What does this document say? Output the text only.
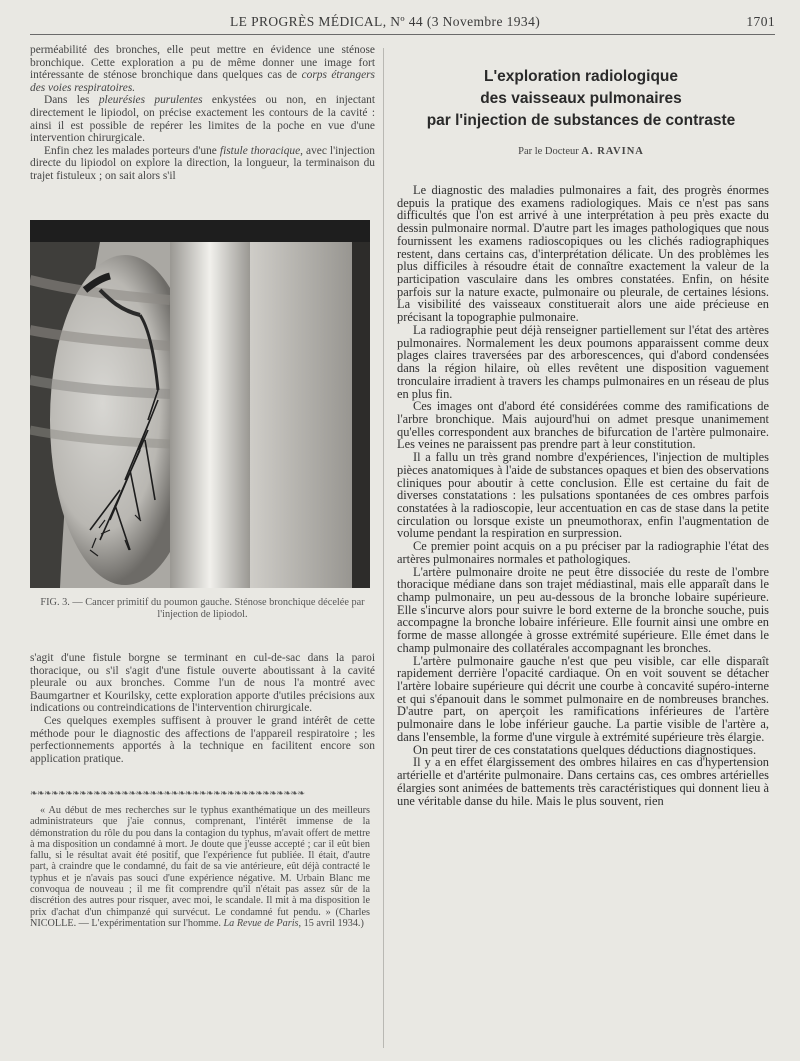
LE PROGRÈS MÉDICAL, Nº 44 (3 Novembre 1934)	1701

perméabilité des bronches, elle peut mettre en évidence une sténose bronchique. Cette exploration a pu de même donner une image fort intéressante de sténose bronchique dans quelques cas de corps étrangers des voies respiratoires.

Dans les pleurésies purulentes enkystées ou non, en injectant directement le lipiodol, on précise exactement les contours de la cavité : ainsi il est possible de repérer les limites de la poche en vue d'une intervention chirurgicale.

Enfin chez les malades porteurs d'une fistule thoracique, avec l'injection directe du lipiodol on explore la direction, la longueur, la terminaison du trajet fistuleux ; on sait alors s'il

FIG. 3. — Cancer primitif du poumon gauche. Sténose bronchique décelée par l'injection de lipiodol.

s'agit d'une fistule borgne se terminant en cul-de-sac dans la paroi thoracique, ou s'il s'agit d'une fistule ouverte aboutissant à la cavité pleurale ou aux bronches. Comme l'un de nous l'a montré avec Baumgartner et Kourilsky, cette exploration apporte d'utiles précisions aux indications ou contreindications de l'intervention chirurgicale.

Ces quelques exemples suffisent à prouver le grand intérêt de cette méthode pour le diagnostic des affections de l'appareil respiratoire ; les perfectionnements apportés à la technique en facilitent encore son application pratique.

❧❧❧❧❧❧❧❧❧❧❧❧❧❧❧❧❧❧❧❧❧❧❧❧❧❧❧❧❧❧❧❧❧❧❧❧❧❧❧

« Au début de mes recherches sur le typhus exanthématique un des meilleurs administrateurs que j'aie connus, comprenant, l'intérêt immense de la démonstration du rôle du pou dans la contagion du typhus, m'avait offert de mettre à ma disposition un condamné à mort. Je doute que j'eusse accepté ; car il eût bien fallu, si le résultat avait été positif, que l'expérience fut publiée. Il était, d'autre part, à craindre que le condamné, du fait de sa vie antérieure, eût déjà contracté le typhus et je n'avais pas souci d'une expérience négative. M. Urbain Blanc me convoqua de nouveau ; il me fit comprendre qu'il n'était pas assez sûr de la discrétion des autres pour risquer, avec moi, le scandale. Il mit à ma disposition le prix d'achat d'un chimpanzé qui survécut. Le condamné fut pendu. » (Charles NICOLLE. — L'expérimentation sur l'homme. La Revue de Paris, 15 avril 1934.)

L'exploration radiologique
des vaisseaux pulmonaires
par l'injection de substances de contraste
Par le Docteur A. RAVINA

Le diagnostic des maladies pulmonaires a fait, des progrès énormes depuis la pratique des examens radiologiques. Mais ce n'est pas sans difficultés que l'on est arrivé à une interprétation à peu près exacte du dessin pulmonaire normal. D'autre part les images pathologiques que nous fournissent les examens radioscopiques ou les clichés radiographiques restent, dans certains cas, d'interprétation délicate. Un des problèmes les plus difficiles à résoudre était de connaître exactement la valeur de la participation vasculaire dans les ombres constatées. Enfin, on hésite parfois sur la nature exacte, pulmonaire ou pleurale, de certaines lésions. La visibilité des vaisseaux constituerait alors une aide précieuse en précisant la topographie pulmonaire.

La radiographie peut déjà renseigner partiellement sur l'état des artères pulmonaires. Normalement les deux poumons apparaissent comme deux plages claires traversées par des arborescences, qui d'abord condensées dans la région hilaire, où elles revêtent une disposition vaguement tronculaire irradient à travers les champs pulmonaires en un réseau de plus en plus fin.

Ces images ont d'abord été considérées comme des ramifications de l'arbre bronchique. Mais aujourd'hui on admet presque unanimement qu'elles correspondent aux branches de bifurcation de l'artère pulmonaire. Les veines ne paraissent pas prendre part à leur constitution.

Il a fallu un très grand nombre d'expériences, l'injection de multiples pièces anatomiques à l'aide de substances opaques et bien des observations cliniques pour aboutir à cette conclusion. Elle est certaine du fait de diverses constatations : les pulsations spontanées de ces ombres parfois constatées à la radioscopie, leur accentuation en cas de stase dans la petite circulation ou lorsque existe un pneumothorax, enfin l'augmentation de volume pendant la respiration en surpression.

Ce premier point acquis on a pu préciser par la radiographie l'état des artères pulmonaires normales et pathologiques.

L'artère pulmonaire droite ne peut être dissociée du reste de l'ombre thoracique médiane dans son trajet médiastinal, mais elle apparaît dans le champ pulmonaire, un peu au-dessous de la bronche lobaire supérieure. Elle s'incurve alors pour suivre le bord externe de la bronche souche, puis accompagne la bronche lobaire inférieure. Elle fournit ainsi une ombre en forme de masse allongée à grosse extrémité supérieure. Elle émet dans le champ pulmonaire des collatérales accompagnant les bronches.

L'artère pulmonaire gauche n'est que peu visible, car elle disparaît rapidement derrière l'opacité cardiaque. On en voit souvent se détacher l'artère lobaire supérieure qui décrit une courbe à concavité supéro-interne et qui s'épanouit dans le sommet pulmonaire en de nombreuses branches. D'autre part, on aperçoit les ramifications inférieures de l'artère pulmonaire dans le lobe inférieur gauche. La partie visible de l'artère a, dans l'ensemble, la forme d'une virgule à extrémité supérieure très élargie.

On peut tirer de ces constatations quelques déductions diagnostiques.

Il y a en effet élargissement des ombres hilaires en cas d'hypertension artérielle et d'artérite pulmonaire. Dans certains cas, ces ombres artérielles élargies sont animées de battements très caractéristiques qui donnent lieu à une véritable danse du hile. Mais le plus souvent, rien
